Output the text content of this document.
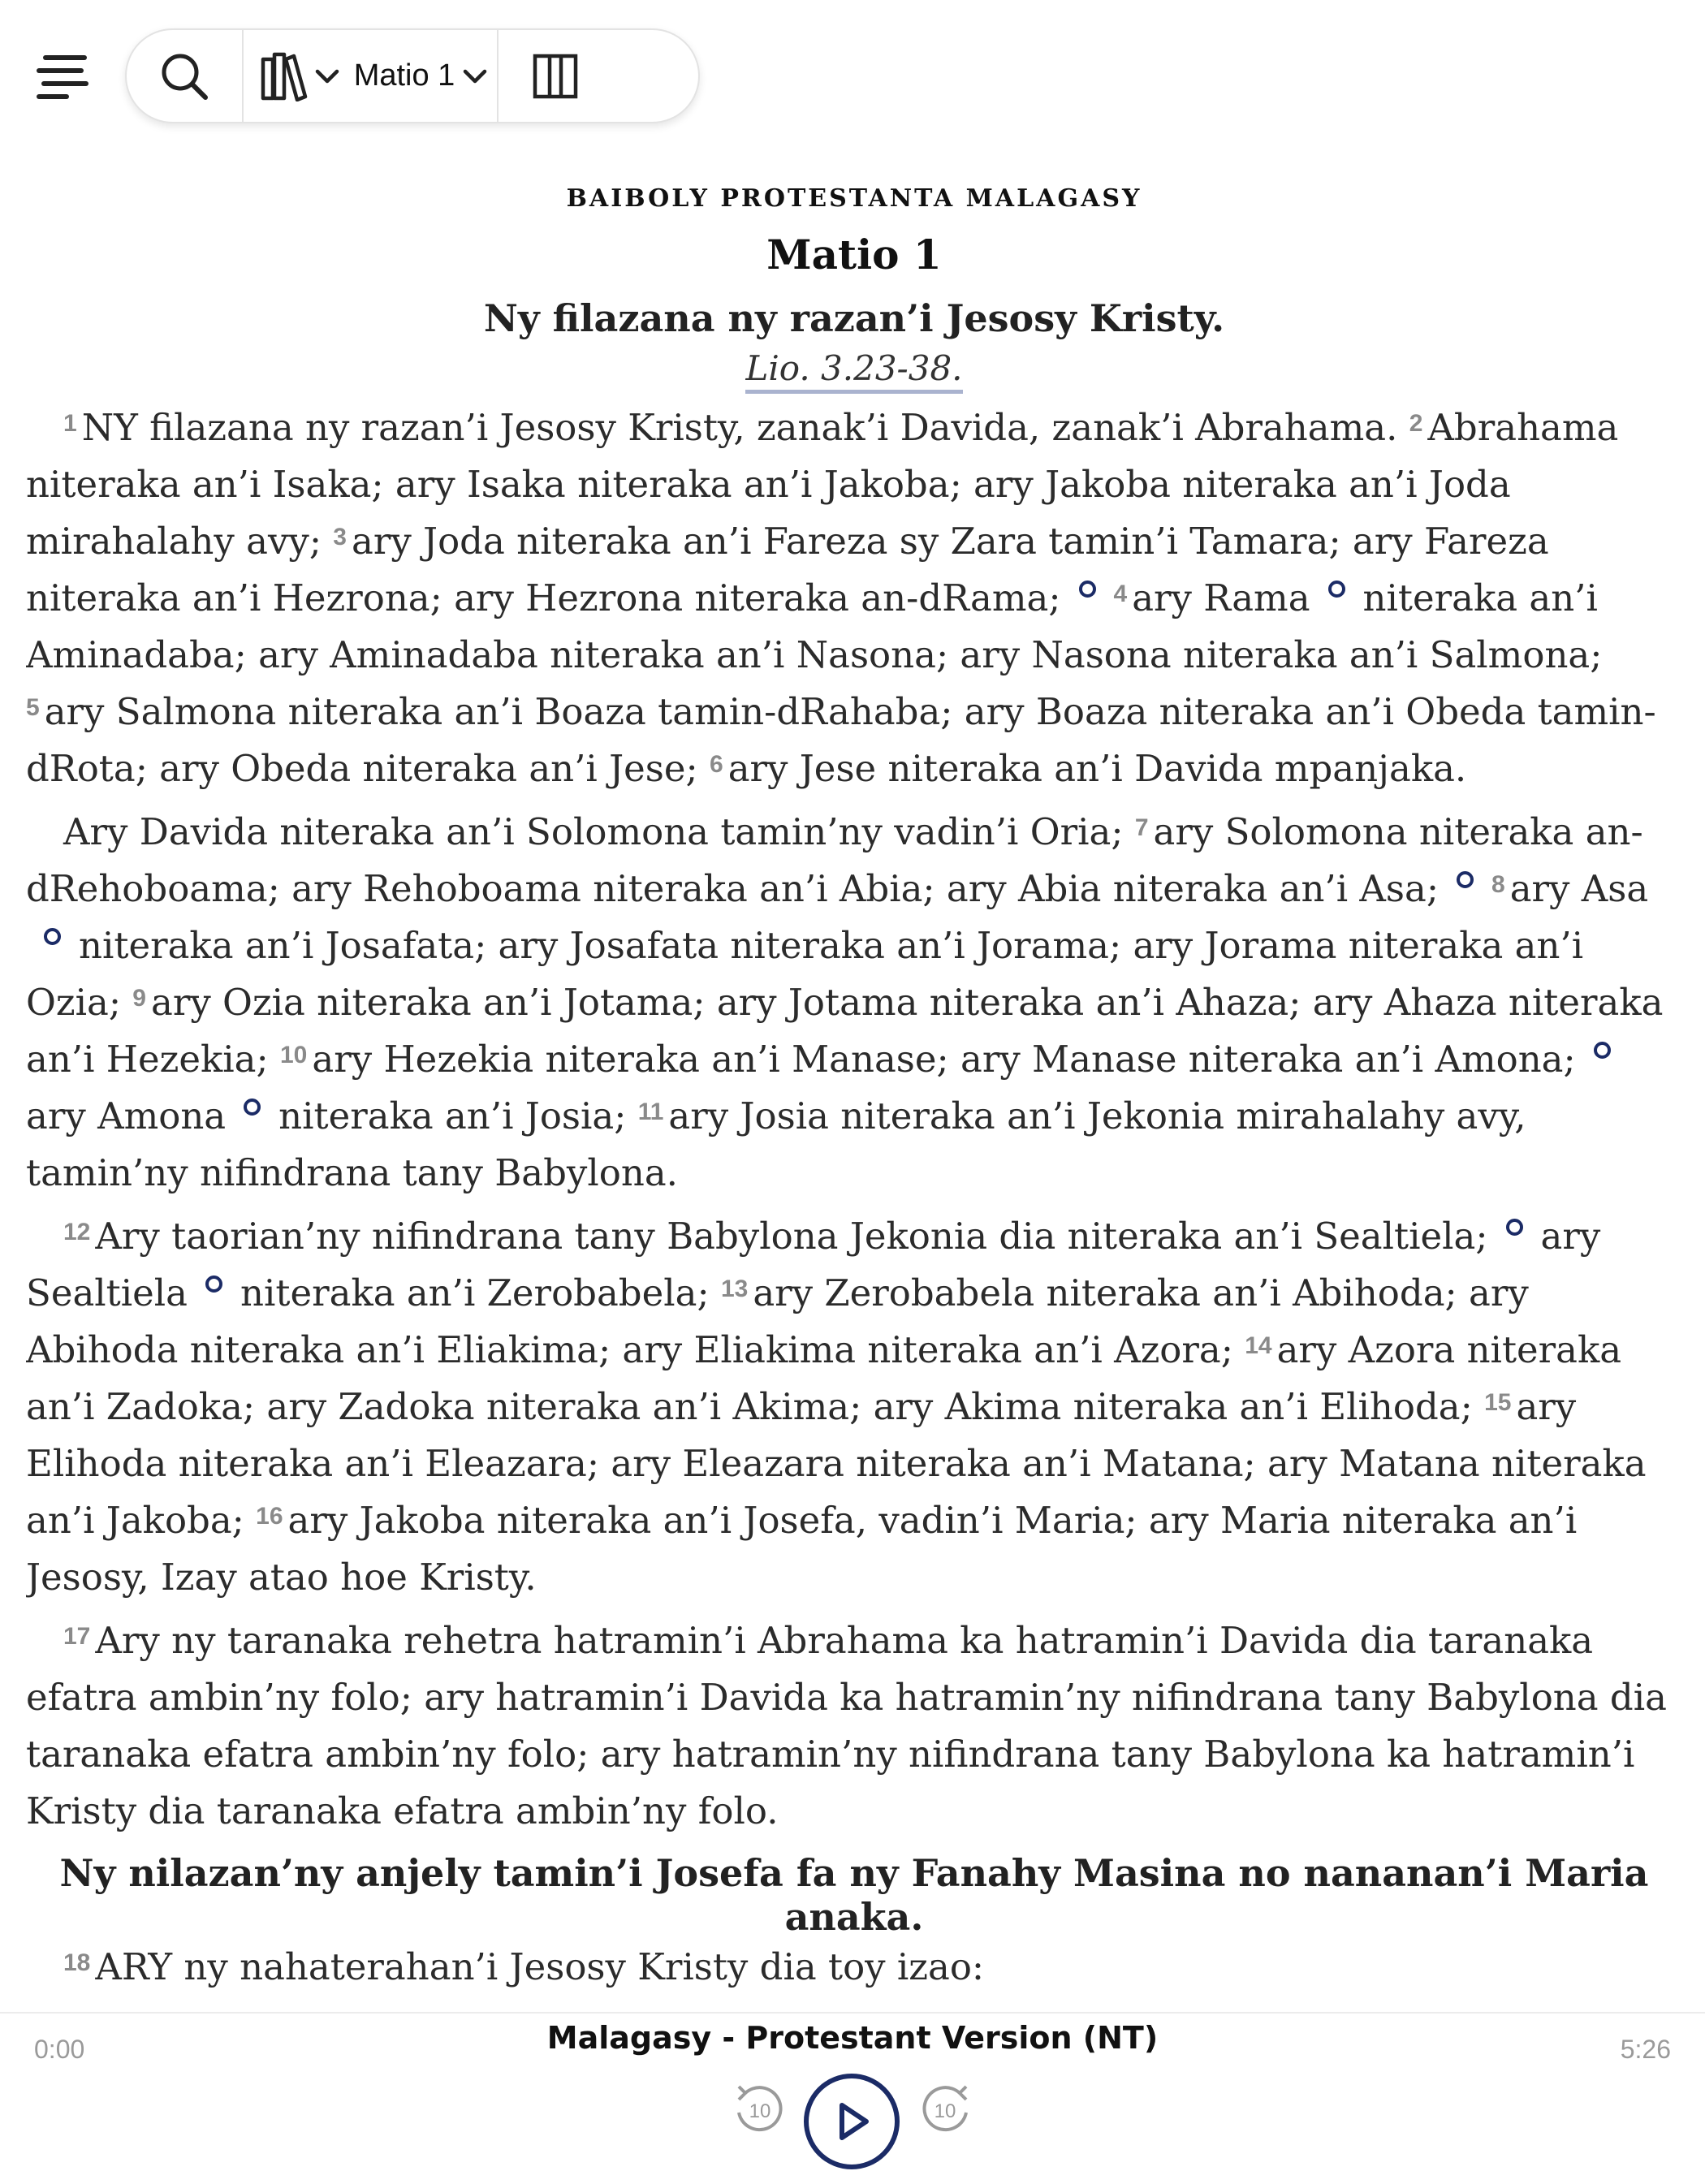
Matio 1
BAIBOLY PROTESTANTA MALAGASY
Matio 1
Ny filazana ny razan’i Jesosy Kristy.
Lio. 3.23-38.

$^1$ NY filazana ny razan’i Jesosy Kristy, zanak’i Davida, zanak’i Abrahama. $^2$ Abrahama niteraka an’i Isaka; ary Isaka niteraka an’i Jakoba; ary Jakoba niteraka an’i Joda mirahalahy avy; $^3$ ary Joda niteraka an’i Fareza sy Zara tamin’i Tamara; ary Fareza niteraka an’i Hezrona; ary Hezrona niteraka an-dRama; $^4$ ary Rama niteraka an’i Aminadaba; ary Aminadaba niteraka an’i Nasona; ary Nasona niteraka an’i Salmona; $^5$ ary Salmona niteraka an’i Boaza tamin-dRahaba; ary Boaza niteraka an’i Obeda tamin-dRota; ary Obeda niteraka an’i Jese; $^6$ ary Jese niteraka an’i Davida mpanjaka.

Ary Davida niteraka an’i Solomona tamin’ny vadin’i Oria; $^7$ ary Solomona niteraka an-dRehoboama; ary Rehoboama niteraka an’i Abia; ary Abia niteraka an’i Asa; $^8$ ary Asaniteraka an’i Josafata; ary Josafata niteraka an’i Jorama; ary Jorama niteraka an’i Ozia; $^9$ ary Ozia niteraka an’i Jotama; ary Jotama niteraka an’i Ahaza; ary Ahaza niteraka an’i Hezekia; $^{10}$ ary Hezekia niteraka an’i Manase; ary Manase niteraka an’i Amona;ary Amona niteraka an’i Josia; $^{11}$ ary Josia niteraka an’i Jekonia mirahalahy avy, tamin’ny nifindrana tany Babylona.

$^{12}$ Ary taorian’ny nifindrana tany Babylona Jekonia dia niteraka an’i Sealtiela; ary Sealtiela niteraka an’i Zerobabela; $^{13}$ ary Zerobabela niteraka an’i Abihoda; ary Abihoda niteraka an’i Eliakima; ary Eliakima niteraka an’i Azora; $^{14}$ ary Azora niteraka an’i Zadoka; ary Zadoka niteraka an’i Akima; ary Akima niteraka an’i Elihoda; $^{15}$ ary Elihoda niteraka an’i Eleazara; ary Eleazara niteraka an’i Matana; ary Matana niteraka an’i Jakoba; $^{16}$ ary Jakoba niteraka an’i Josefa, vadin’i Maria; ary Maria niteraka an’i Jesosy, Izay atao hoe Kristy.

$^{17}$ Ary ny taranaka rehetra hatramin’i Abrahama ka hatramin’i Davida dia taranaka efatra ambin’ny folo; ary hatramin’i Davida ka hatramin’ny nifindrana tany Babylona dia taranaka efatra ambin’ny folo; ary hatramin’ny nifindrana tany Babylona ka hatramin’i Kristy dia taranaka efatra ambin’ny folo.

Ny nilazan’ny anjely tamin’i Josefa fa ny Fanahy Masina no nananan’i Maria anaka.

$^{18}$ ARY ny nahaterahan’i Jesosy Kristy dia toy izao:

0:00	Malagasy - Protestant Version (NT)	5:26
10	10
